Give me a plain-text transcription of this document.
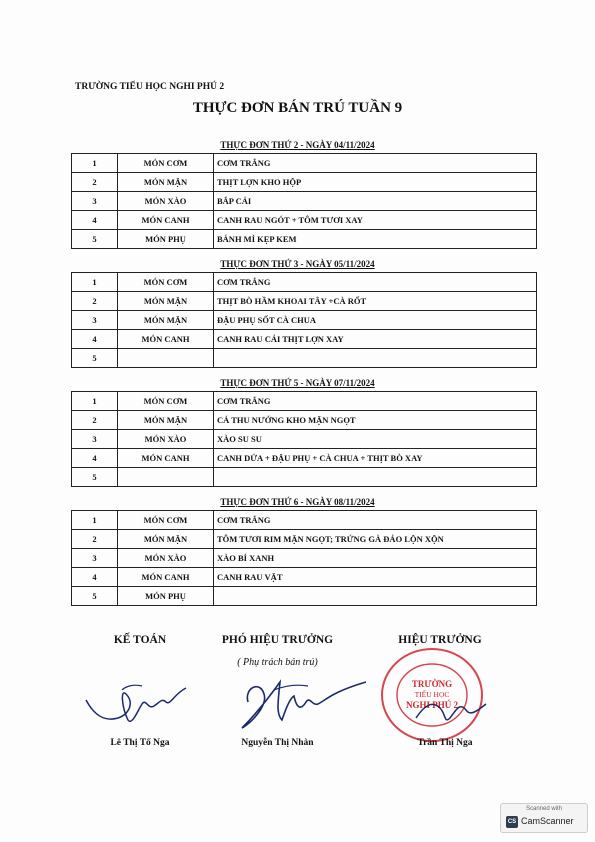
TRƯỜNG TIỂU HỌC NGHI PHÚ 2
THỰC ĐƠN BÁN TRÚ TUẦN 9
THỰC ĐƠN THỨ 2 - NGÀY 04/11/2024
1	MÓN CƠM	CƠM TRẮNG
2	MÓN MẶN	THỊT LỢN KHO HỘP
3	MÓN XÀO	BẮP CẢI
4	MÓN CANH	CANH RAU NGÓT + TÔM TƯƠI XAY
5	MÓN PHỤ	BÁNH MÌ KẸP KEM
THỰC ĐƠN THỨ 3 - NGÀY 05/11/2024
1	MÓN CƠM	CƠM TRẮNG
2	MÓN MẶN	THỊT BÒ HẦM KHOAI TÂY +CÀ RỐT
3	MÓN MẶN	ĐẬU PHỤ SỐT CÀ CHUA
4	MÓN CANH	CANH RAU CẢI THỊT LỢN XAY
5		
THỰC ĐƠN THỨ 5 - NGÀY 07/11/2024
1	MÓN CƠM	CƠM TRẮNG
2	MÓN MẶN	CÁ THU NƯỚNG KHO MẶN NGỌT
3	MÓN XÀO	XÀO SU SU
4	MÓN CANH	CANH DỨA + ĐẬU PHỤ + CÀ CHUA + THỊT BÒ XAY
5		
THỰC ĐƠN THỨ 6 - NGÀY 08/11/2024
1	MÓN CƠM	CƠM TRẮNG
2	MÓN MẶN	TÔM TƯƠI RIM MẶN NGỌT; TRỨNG GÀ ĐẢO LỘN XỘN
3	MÓN XÀO	XÀO BÍ XANH
4	MÓN CANH	CANH RAU VẶT
5	MÓN PHỤ	
KẾ TOÁN	PHÓ HIỆU TRƯỞNG
( Phụ trách bán trú)
HIỆU TRƯỞNG
TRƯỜNG
TIỂU HỌC
NGHI PHÚ 2
Lê Thị Tố Nga	Nguyễn Thị Nhàn	Trần Thị Nga
Scanned with
CS CamScanner
